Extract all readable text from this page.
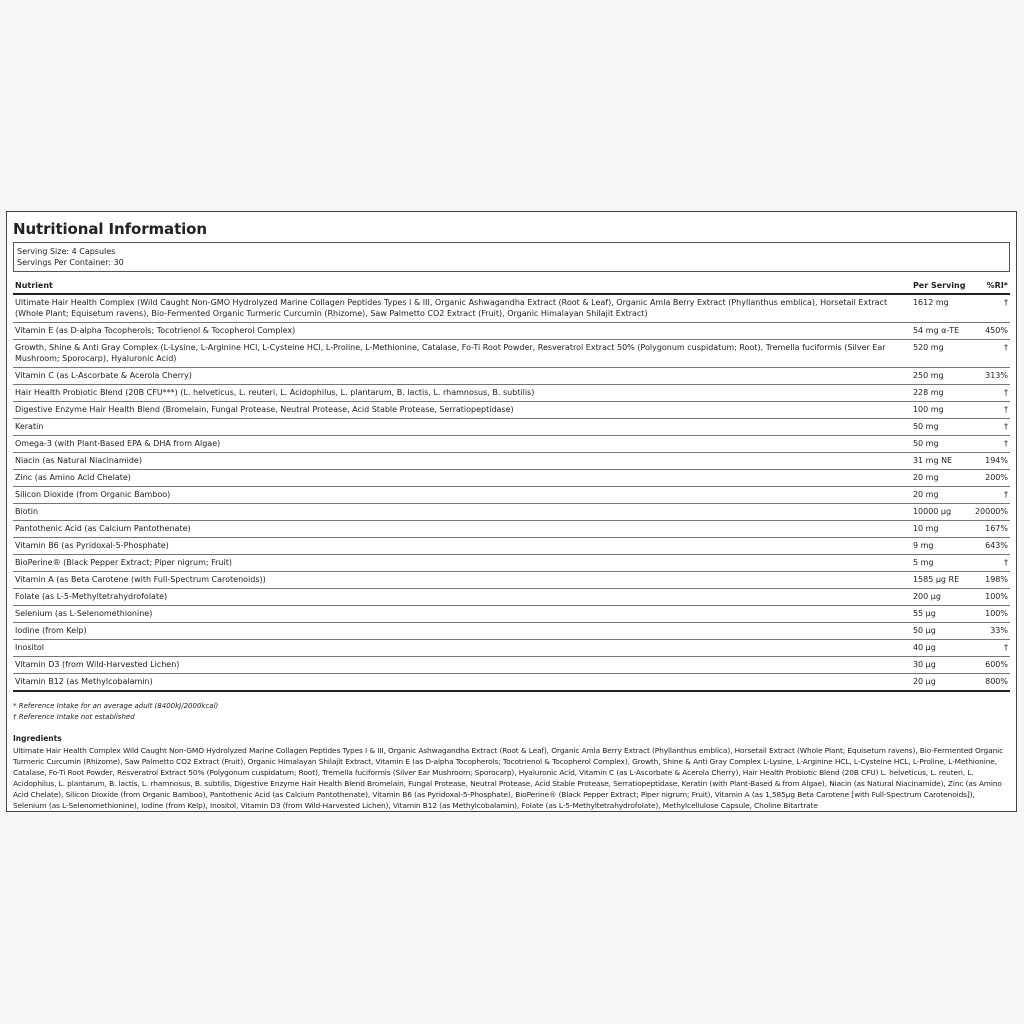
Nutritional Information
Serving Size: 4 Capsules
Servings Per Container: 30
Nutrient	Per Serving	%RI*
Ultimate Hair Health Complex (Wild Caught Non-GMO Hydrolyzed Marine Collagen Peptides Types I & III, Organic Ashwagandha Extract (Root & Leaf), Organic Amla Berry Extract (Phyllanthus emblica), Horsetail Extract (Whole Plant; Equisetum ravens), Bio-Fermented Organic Turmeric Curcumin (Rhizome), Saw Palmetto CO2 Extract (Fruit), Organic Himalayan Shilajit Extract)	1612 mg	†
Vitamin E (as D-alpha Tocopherols; Tocotrienol & Tocopherol Complex)	54 mg α-TE	450%
Growth, Shine & Anti Gray Complex (L-Lysine, L-Arginine HCl, L-Cysteine HCl, L-Proline, L-Methionine, Catalase, Fo-Ti Root Powder, Resveratrol Extract 50% (Polygonum cuspidatum; Root), Tremella fuciformis (Silver Ear Mushroom; Sporocarp), Hyaluronic Acid)	520 mg	†
Vitamin C (as L-Ascorbate & Acerola Cherry)	250 mg	313%
Hair Health Probiotic Blend (20B CFU***) (L. helveticus, L. reuteri, L. Acidophilus, L. plantarum, B. lactis, L. rhamnosus, B. subtilis)	228 mg	†
Digestive Enzyme Hair Health Blend (Bromelain, Fungal Protease, Neutral Protease, Acid Stable Protease, Serratiopeptidase)	100 mg	†
Keratin	50 mg	†
Omega-3 (with Plant-Based EPA & DHA from Algae)	50 mg	†
Niacin (as Natural Niacinamide)	31 mg NE	194%
Zinc (as Amino Acid Chelate)	20 mg	200%
Silicon Dioxide (from Organic Bamboo)	20 mg	†
Biotin	10000 µg	20000%
Pantothenic Acid (as Calcium Pantothenate)	10 mg	167%
Vitamin B6 (as Pyridoxal-5-Phosphate)	9 mg	643%
BioPerine® (Black Pepper Extract; Piper nigrum; Fruit)	5 mg	†
Vitamin A (as Beta Carotene (with Full-Spectrum Carotenoids))	1585 µg RE	198%
Folate (as L-5-Methyltetrahydrofolate)	200 µg	100%
Selenium (as L-Selenomethionine)	55 µg	100%
Iodine (from Kelp)	50 µg	33%
Inositol	40 µg	†
Vitamin D3 (from Wild-Harvested Lichen)	30 µg	600%
Vitamin B12 (as Methylcobalamin)	20 µg	800%
* Reference Intake for an average adult (8400kJ/2000kcal)
† Reference Intake not established
Ingredients
Ultimate Hair Health Complex Wild Caught Non-GMO Hydrolyzed Marine Collagen Peptides Types I & III, Organic Ashwagandha Extract (Root & Leaf), Organic Amla Berry Extract (Phyllanthus emblica), Horsetail Extract (Whole Plant; Equisetum ravens), Bio-Fermented Organic Turmeric Curcumin (Rhizome), Saw Palmetto CO2 Extract (Fruit), Organic Himalayan Shilajit Extract, Vitamin E (as D-alpha Tocopherols; Tocotrienol & Tocopherol Complex), Growth, Shine & Anti Gray Complex L-Lysine, L-Arginine HCL, L-Cysteine HCL, L-Proline, L-Methionine, Catalase, Fo-Ti Root Powder, Resveratrol Extract 50% (Polygonum cuspidatum; Root), Tremella fuciformis (Silver Ear Mushroom; Sporocarp), Hyaluronic Acid, Vitamin C (as L-Ascorbate & Acerola Cherry), Hair Health Probiotic Blend (20B CFU) L. helveticus, L. reuteri, L. Acidophilus, L. plantarum, B. lactis, L. rhamnosus, B. subtilis, Digestive Enzyme Hair Health Blend Bromelain, Fungal Protease, Neutral Protease, Acid Stable Protease, Serratiopeptidase, Keratin (with Plant-Based & from Algae), Niacin (as Natural Niacinamide), Zinc (as Amino Acid Chelate), Silicon Dioxide (from Organic Bamboo), Pantothenic Acid (as Calcium Pantothenate), Vitamin B6 (as Pyridoxal-5-Phosphate), BioPerine® (Black Pepper Extract; Piper nigrum; Fruit), Vitamin A (as 1,585µg Beta Carotene [with Full-Spectrum Carotenoids]), Selenium (as L-Selenomethionine), Iodine (from Kelp), Inositol, Vitamin D3 (from Wild-Harvested Lichen), Vitamin B12 (as Methylcobalamin), Folate (as L-5-Methyltetrahydrofolate), Methylcellulose Capsule, Choline Bitartrate
